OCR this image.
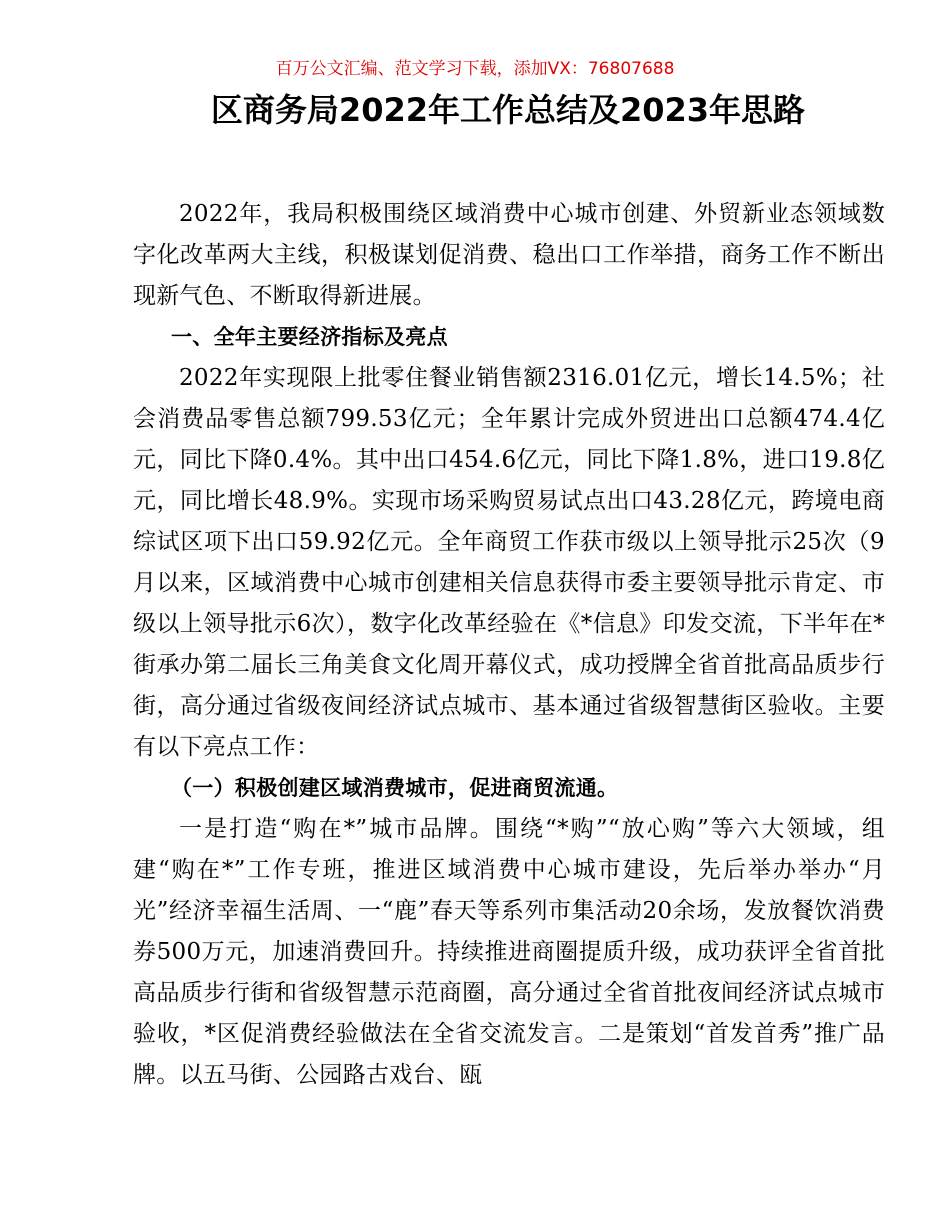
百万公文汇编、范文学习下载，添加VX：76807688
区商务局2022年工作总结及2023年思路

2022年，我局积极围绕区域消费中心城市创建、外贸新业态领域数字化改革两大主线，积极谋划促消费、稳出口工作举措，商务工作不断出现新气色、不断取得新进展。

一、全年主要经济指标及亮点

2022年实现限上批零住餐业销售额2316.01亿元，增长14.5%；社会消费品零售总额799.53亿元；全年累计完成外贸进出口总额474.4亿元，同比下降0.4%。其中出口454.6亿元，同比下降1.8%，进口19.8亿元，同比增长48.9%。实现市场采购贸易试点出口43.28亿元，跨境电商综试区项下出口59.92亿元。全年商贸工作获市级以上领导批示25次（9月以来，区域消费中心城市创建相关信息获得市委主要领导批示肯定、市级以上领导批示6次），数字化改革经验在《*信息》印发交流，下半年在*街承办第二届长三角美食文化周开幕仪式，成功授牌全省首批高品质步行街，高分通过省级夜间经济试点城市、基本通过省级智慧街区验收。主要有以下亮点工作：

（一）积极创建区域消费城市，促进商贸流通。

一是打造“购在*”城市品牌。围绕“*购”“放心购”等六大领域，组建“购在*”工作专班，推进区域消费中心城市建设，先后举办举办“月光”经济幸福生活周、一“鹿”春天等系列市集活动20余场，发放餐饮消费券500万元，加速消费回升。持续推进商圈提质升级，成功获评全省首批高品质步行街和省级智慧示范商圈，高分通过全省首批夜间经济试点城市验收，*区促消费经验做法在全省交流发言。二是策划“首发首秀”推广品牌。以五马街、公园路古戏台、瓯
